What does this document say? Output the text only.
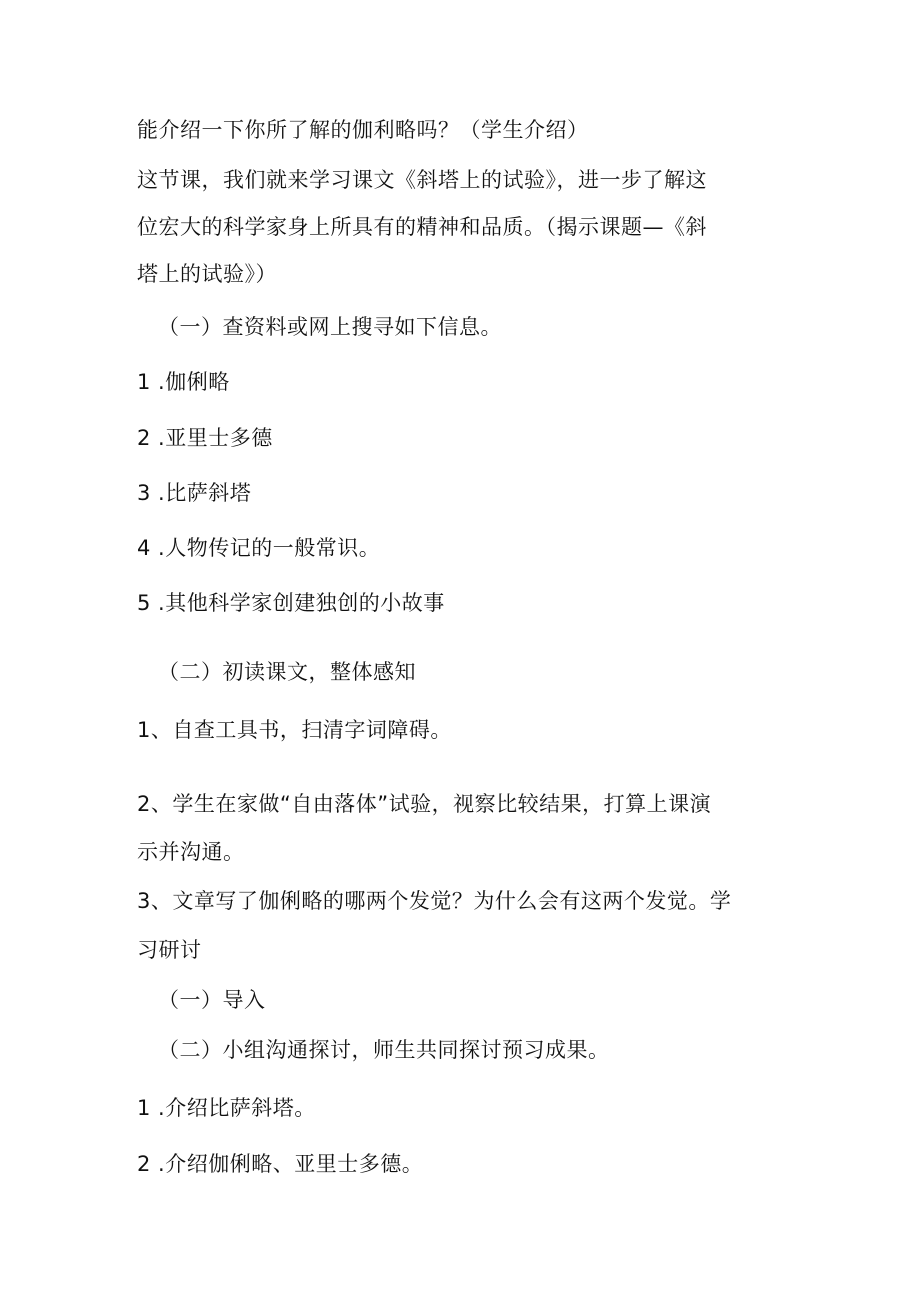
能介绍一下你所了解的伽利略吗？（学生介绍）
这节课，我们就来学习课文《斜塔上的试验》，进一步了解这
位宏大的科学家身上所具有的精神和品质。（揭示课题—《斜
塔上的试验》）
（一）查资料或网上搜寻如下信息。
1 .伽俐略
2 .亚里士多德
3 .比萨斜塔
4 .人物传记的一般常识。
5 .其他科学家创建独创的小故事
（二）初读课文，整体感知
1、自查工具书，扫清字词障碍。
2、学生在家做“自由落体”试验，视察比较结果，打算上课演
示并沟通。
3、文章写了伽俐略的哪两个发觉？为什么会有这两个发觉。学
习研讨
（一）导入
（二）小组沟通探讨，师生共同探讨预习成果。
1 .介绍比萨斜塔。
2 .介绍伽俐略、亚里士多德。
